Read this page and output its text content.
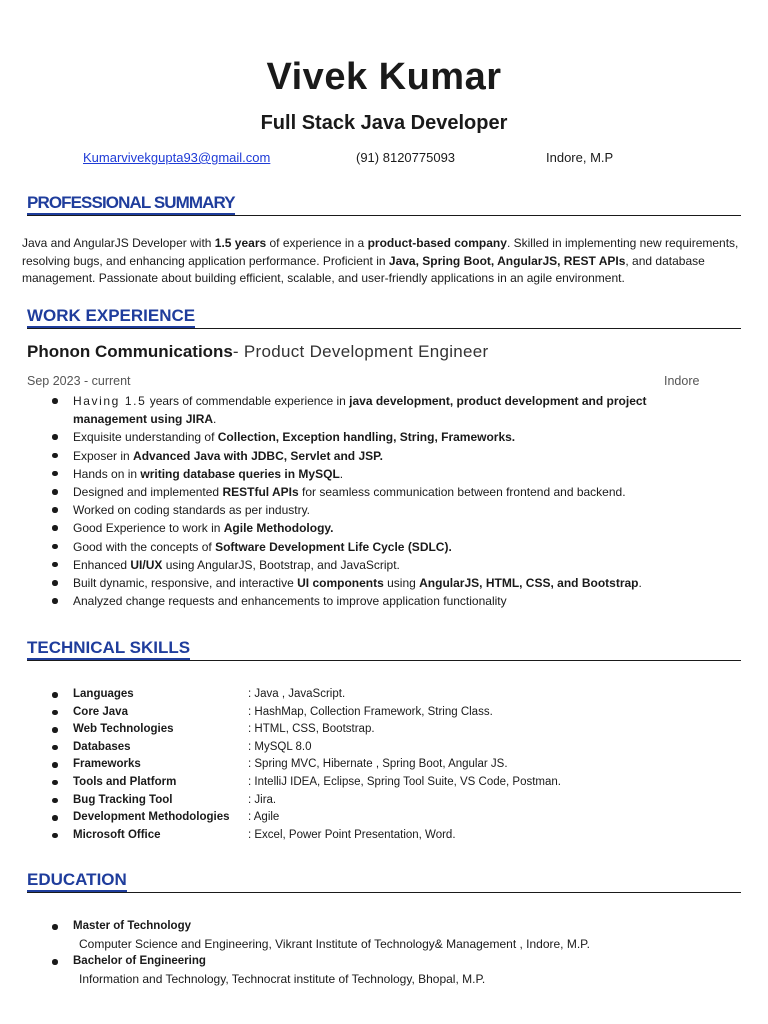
Vivek Kumar
Full Stack Java Developer
Kumarvivekgupta93@gmail.com	(91) 8120775093	Indore, M.P
PROFESSIONAL SUMMARY

Java and AngularJS Developer with 1.5 years of experience in a product-based company. Skilled in implementing new requirements, resolving bugs, and enhancing application performance. Proficient in Java, Spring Boot, AngularJS, REST APIs, and database management. Passionate about building efficient, scalable, and user-friendly applications in an agile environment.

WORK EXPERIENCE

Phonon Communications- Product Development Engineer

Sep 2023 - current	Indore
Having 1.5 years of commendable experience in java development, product development and project management using JIRA.
Exquisite understanding of Collection, Exception handling, String, Frameworks.
Exposer in Advanced Java with JDBC, Servlet and JSP.
Hands on in writing database queries in MySQL.
Designed and implemented RESTful APIs for seamless communication between frontend and backend.
Worked on coding standards as per industry.
Good Experience to work in Agile Methodology.
Good with the concepts of Software Development Life Cycle (SDLC).
Enhanced UI/UX using AngularJS, Bootstrap, and JavaScript.
Built dynamic, responsive, and interactive UI components using AngularJS, HTML, CSS, and Bootstrap.
Analyzed change requests and enhancements to improve application functionality
TECHNICAL SKILLS
Languages	: Java , JavaScript.
Core Java	: HashMap, Collection Framework, String Class.
Web Technologies	: HTML, CSS, Bootstrap.
Databases	: MySQL 8.0
Frameworks	: Spring MVC, Hibernate , Spring Boot, Angular JS.
Tools and Platform	: IntelliJ IDEA, Eclipse, Spring Tool Suite, VS Code, Postman.
Bug Tracking Tool	: Jira.
Development Methodologies : Agile
Microsoft Office	: Excel, Power Point Presentation, Word.
EDUCATION
Master of Technology
Computer Science and Engineering, Vikrant Institute of Technology& Management , Indore, M.P.
Bachelor of Engineering
Information and Technology, Technocrat institute of Technology, Bhopal, M.P.
